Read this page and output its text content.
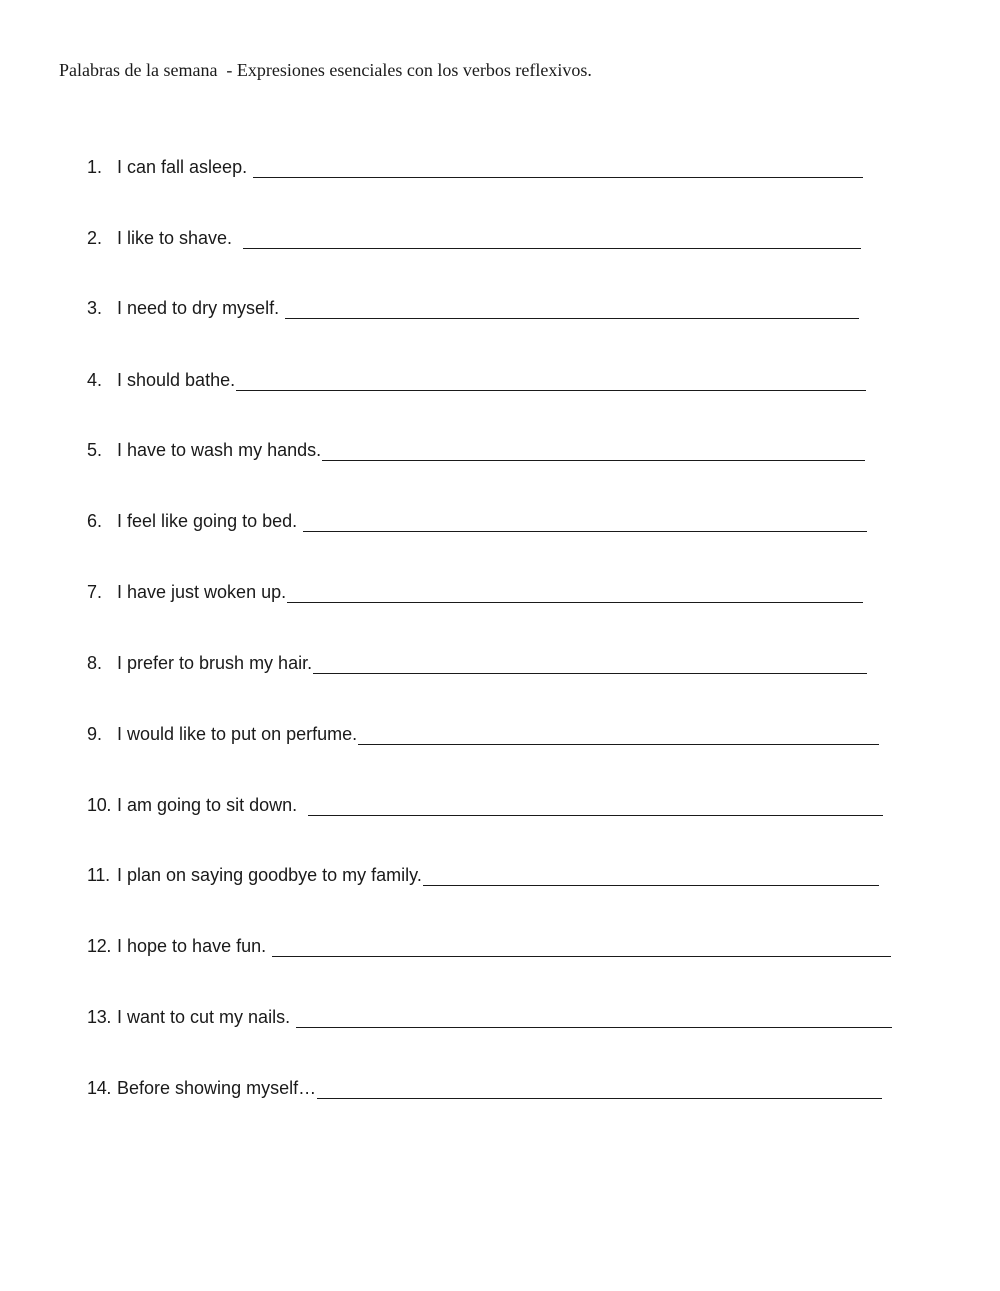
Palabras de la semana  - Expresiones esenciales con los verbos reflexivos.
1. I can fall asleep.
2. I like to shave.
3. I need to dry myself.
4. I should bathe.
5. I have to wash my hands.
6. I feel like going to bed.
7. I have just woken up.
8. I prefer to brush my hair.
9. I would like to put on perfume.
10. I am going to sit down.
11. I plan on saying goodbye to my family.
12. I hope to have fun.
13. I want to cut my nails.
14. Before showing myself…
